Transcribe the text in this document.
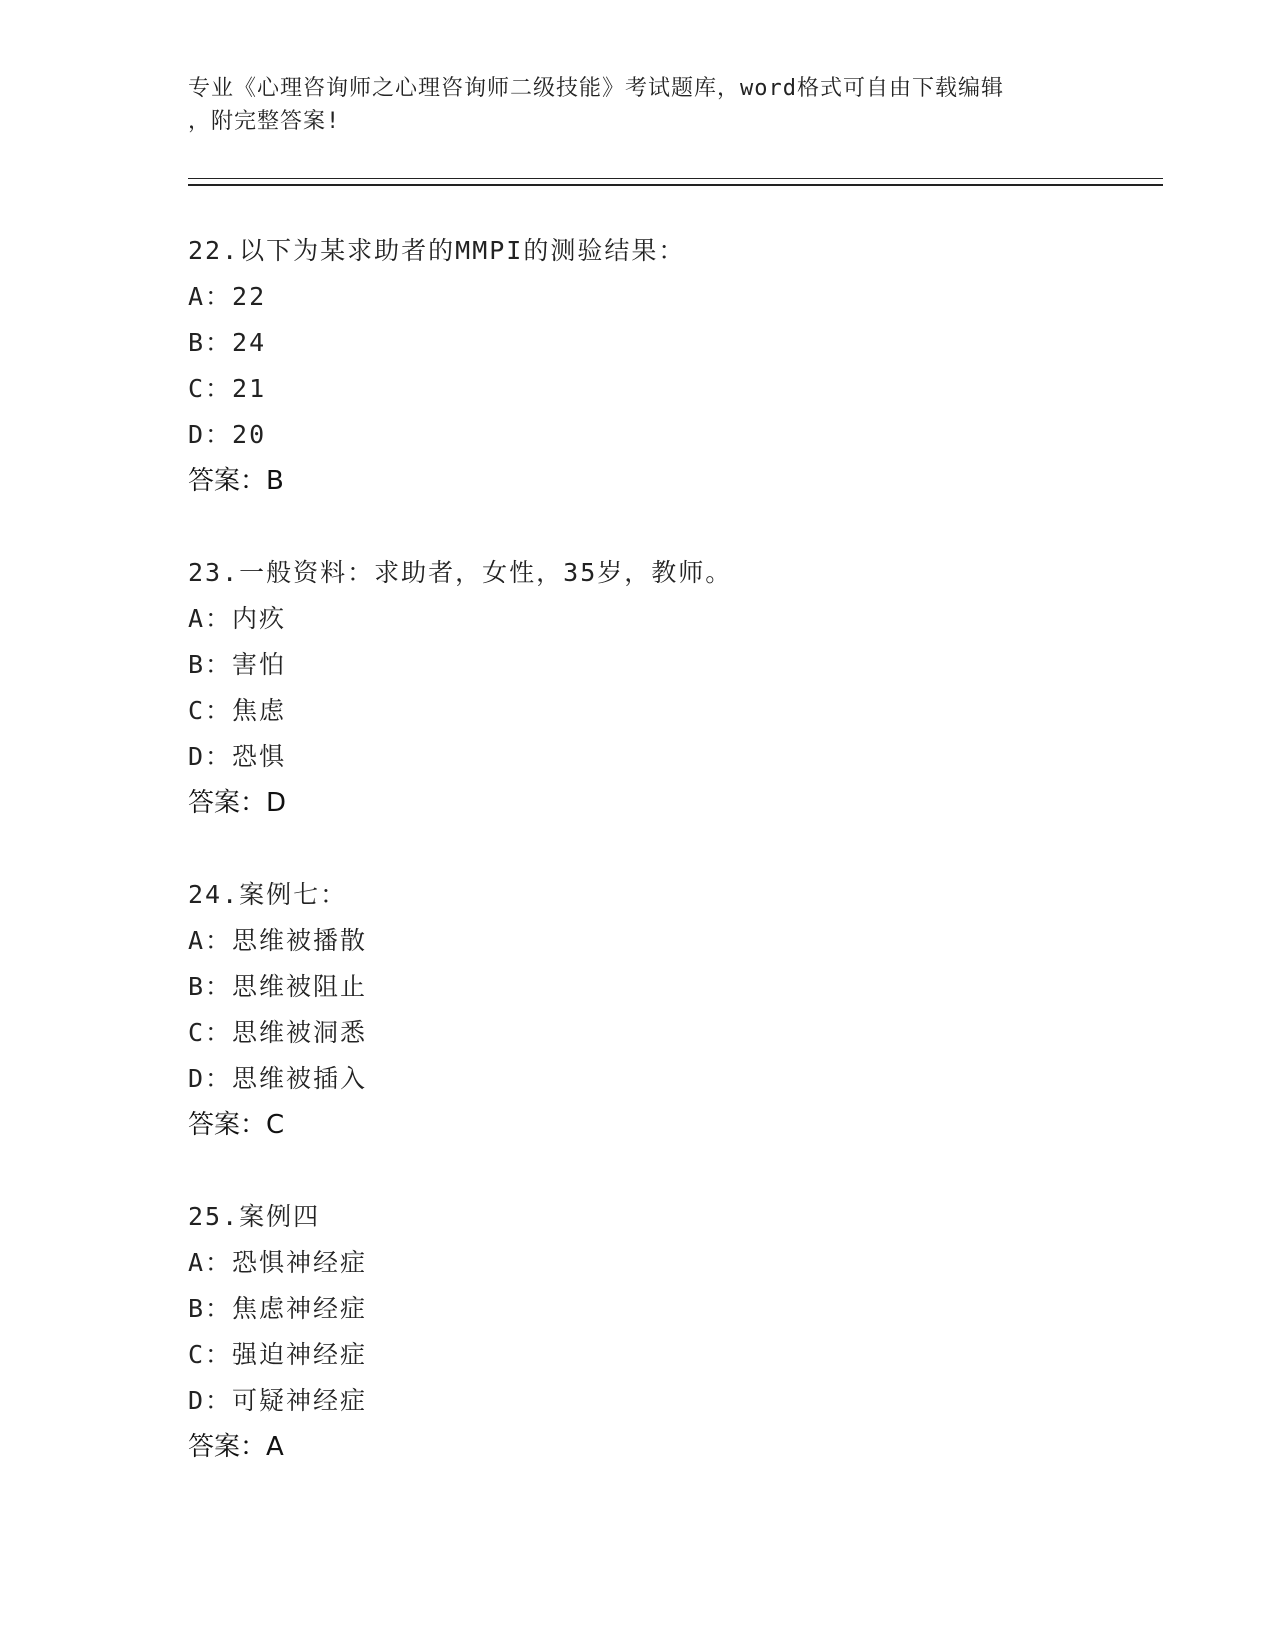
专业《心理咨询师之心理咨询师二级技能》考试题库，word格式可自由下载编辑
，附完整答案!
22.以下为某求助者的MMPI的测验结果：
A：22
B：24
C：21
D：20
答案：B
23.一般资料：求助者，女性，35岁，教师。
A：内疚
B：害怕
C：焦虑
D：恐惧
答案：D
24.案例七：
A：思维被播散
B：思维被阻止
C：思维被洞悉
D：思维被插入
答案：C
25.案例四
A：恐惧神经症
B：焦虑神经症
C：强迫神经症
D：可疑神经症
答案：A
